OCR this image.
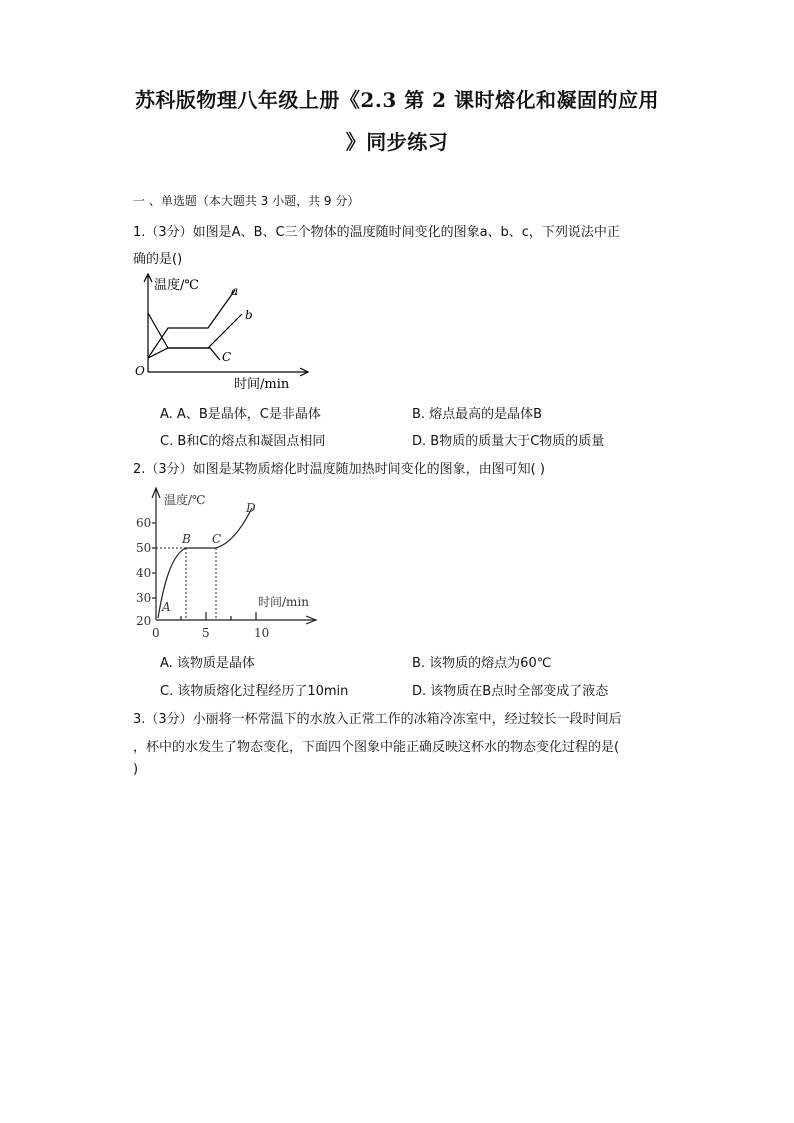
苏科版物理八年级上册《2.3 第 2 课时熔化和凝固的应用
》同步练习
一 、单选题（本大题共 3 小题，共 9 分）
1.（3分）如图是A、B、C三个物体的温度随时间变化的图象a、b、c，下列说法中正
确的是()
温度/℃	a
b
C
O
时间/min
A. A、B是晶体，C是非晶体	B. 熔点最高的是晶体B
C. B和C的熔点和凝固点相同	D. B物质的质量大于C物质的质量
2.（3分）如图是某物质熔化时温度随加热时间变化的图象，由图可知( )
温度/℃
60
50
40
30
20
0	5	10
时间/min
A
B C
D
A. 该物质是晶体	B. 该物质的熔点为60℃
C. 该物质熔化过程经历了10min	D. 该物质在B点时全部变成了液态
3.（3分）小丽将一杯常温下的水放入正常工作的冰箱冷冻室中，经过较长一段时间后
，杯中的水发生了物态变化，下面四个图象中能正确反映这杯水的物态变化过程的是(
)
